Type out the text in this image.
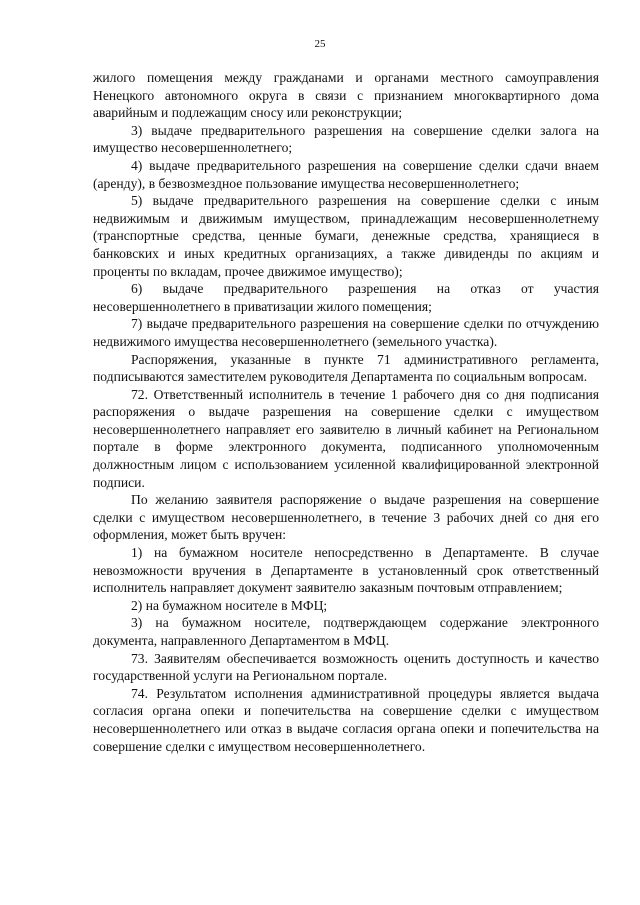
25

жилого помещения между гражданами и органами местного самоуправления Ненецкого автономного округа в связи с признанием многоквартирного дома аварийным и подлежащим сносу или реконструкции;

3) выдаче предварительного разрешения на совершение сделки залога на имущество несовершеннолетнего;

4) выдаче предварительного разрешения на совершение сделки сдачи внаем (аренду), в безвозмездное пользование имущества несовершеннолетнего;

5) выдаче предварительного разрешения на совершение сделки с иным недвижимым и движимым имуществом, принадлежащим несовершеннолетнему (транспортные средства, ценные бумаги, денежные средства, хранящиеся в банковских и иных кредитных организациях, а также дивиденды по акциям и проценты по вкладам, прочее движимое имущество);

6) выдаче предварительного разрешения на отказ от участия несовершеннолетнего в приватизации жилого помещения;

7) выдаче предварительного разрешения на совершение сделки по отчуждению недвижимого имущества несовершеннолетнего (земельного участка).

Распоряжения, указанные в пункте 71 административного регламента, подписываются заместителем руководителя Департамента по социальным вопросам.

72. Ответственный исполнитель в течение 1 рабочего дня со дня подписания распоряжения о выдаче разрешения на совершение сделки с имуществом несовершеннолетнего направляет его заявителю в личный кабинет на Региональном портале в форме электронного документа, подписанного уполномоченным должностным лицом с использованием усиленной квалифицированной электронной подписи.

По желанию заявителя распоряжение о выдаче разрешения на совершение сделки с имуществом несовершеннолетнего, в течение 3 рабочих дней со дня его оформления, может быть вручен:

1) на бумажном носителе непосредственно в Департаменте. В случае невозможности вручения в Департаменте в установленный срок ответственный исполнитель направляет документ заявителю заказным почтовым отправлением;

2) на бумажном носителе в МФЦ;

3) на бумажном носителе, подтверждающем содержание электронного документа, направленного Департаментом в МФЦ.

73. Заявителям обеспечивается возможность оценить доступность и качество государственной услуги на Региональном портале.

74. Результатом исполнения административной процедуры является выдача согласия органа опеки и попечительства на совершение сделки с имуществом несовершеннолетнего или отказ в выдаче согласия органа опеки и попечительства на совершение сделки с имуществом несовершеннолетнего.
